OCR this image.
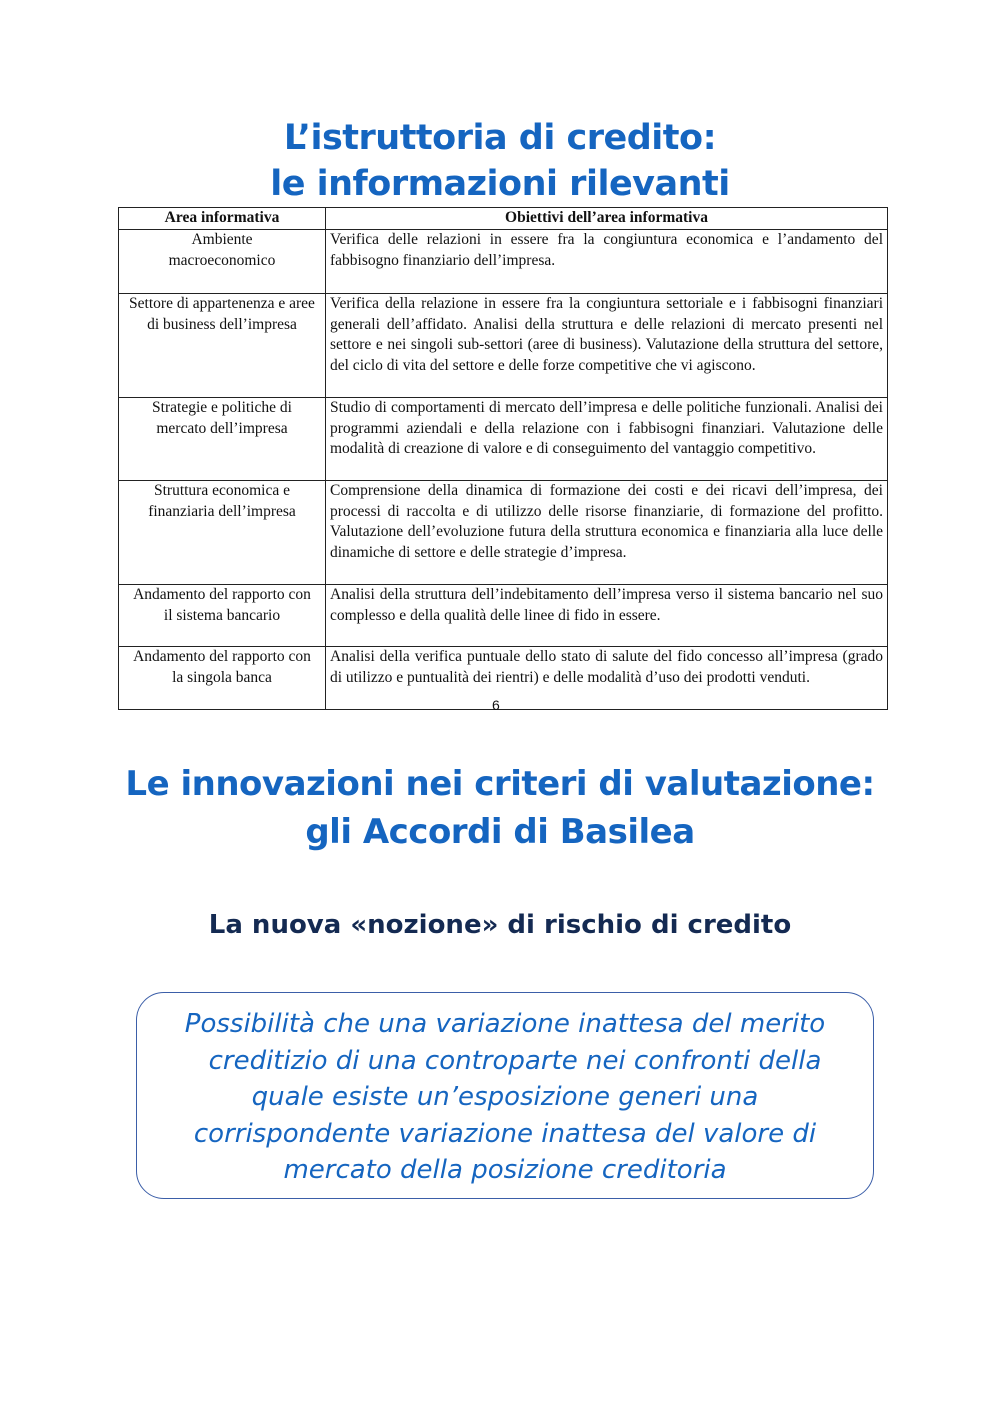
L’istruttoria di credito:
le informazioni rilevanti
Area informativa	Obiettivi dell’area informativa
Ambiente macroeconomico	Verifica delle relazioni in essere fra la congiuntura economica e l’andamento del fabbisogno finanziario dell’impresa.
Settore di appartenenza e aree di business dell’impresa	Verifica della relazione in essere fra la congiuntura settoriale e i fabbisogni finanziari generali dell’affidato. Analisi della struttura e delle relazioni di mercato presenti nel settore e nei singoli sub-settori (aree di business). Valutazione della struttura del settore, del ciclo di vita del settore e delle forze competitive che vi agiscono.
Strategie e politiche di mercato dell’impresa	Studio di comportamenti di mercato dell’impresa e delle politiche funzionali. Analisi dei programmi aziendali e della relazione con i fabbisogni finanziari. Valutazione delle modalità di creazione di valore e di conseguimento del vantaggio competitivo.
Struttura economica e finanziaria dell’impresa	Comprensione della dinamica di formazione dei costi e dei ricavi dell’impresa, dei processi di raccolta e di utilizzo delle risorse finanziarie, di formazione del profitto. Valutazione dell’evoluzione futura della struttura economica e finanziaria alla luce delle dinamiche di settore e delle strategie d’impresa.
Andamento del rapporto con il sistema bancario	Analisi della struttura dell’indebitamento dell’impresa verso il sistema bancario nel suo complesso e della qualità delle linee di fido in essere.
Andamento del rapporto con la singola banca	Analisi della verifica puntuale dello stato di salute del fido concesso all’impresa (grado di utilizzo e puntualità dei rientri) e delle modalità d’uso dei prodotti venduti.
6
Le innovazioni nei criteri di valutazione:
gli Accordi di Basilea
La nuova «nozione» di rischio di credito
Possibilità che una variazione inattesa del merito
creditizio di una controparte nei confronti della
quale esiste un’esposizione generi una
corrispondente variazione inattesa del valore di
mercato della posizione creditoria
